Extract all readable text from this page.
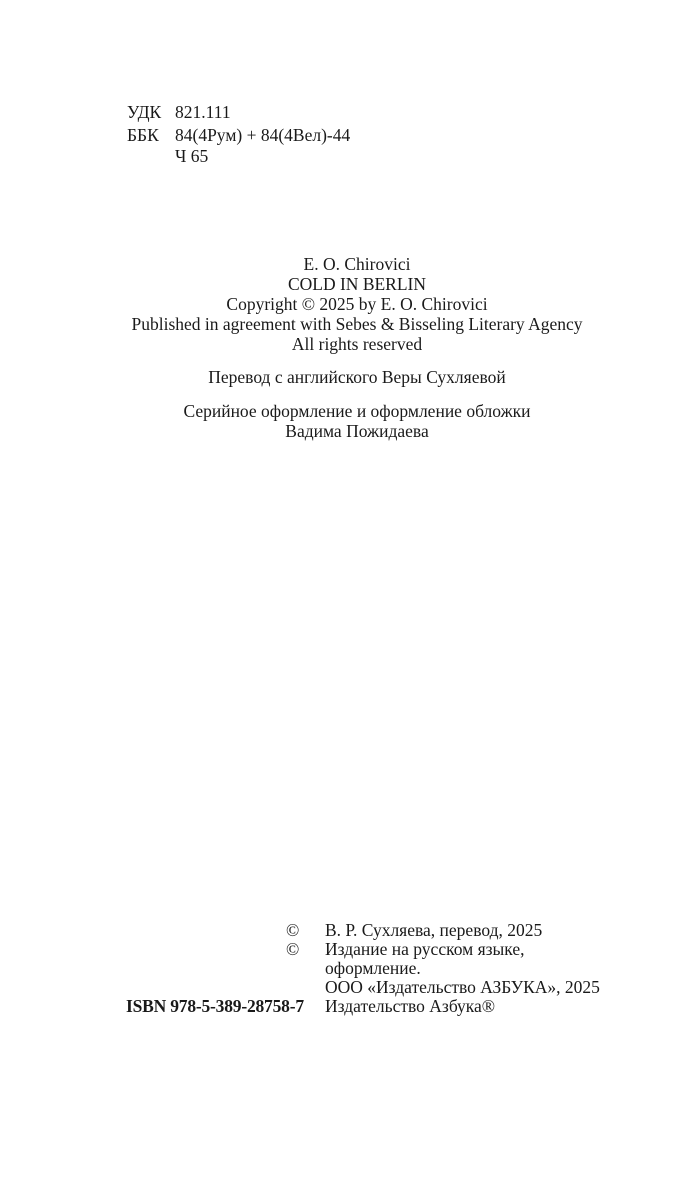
УДК 821.111
ББК 84(4Рум) + 84(4Вел)-44
Ч 65
E. O. Chirovici
COLD IN BERLIN
Copyright © 2025 by E. O. Chirovici
Published in agreement with Sebes & Bisseling Literary Agency
All rights reserved
Перевод с английского Веры Сухляевой
Серийное оформление и оформление обложки
Вадима Пожидаева
© В. Р. Сухляева, перевод, 2025
© Издание на русском языке,
оформление.
ООО «Издательство АЗБУКА», 2025
Издательство Азбука®
ISBN 978-5-389-28758-7
